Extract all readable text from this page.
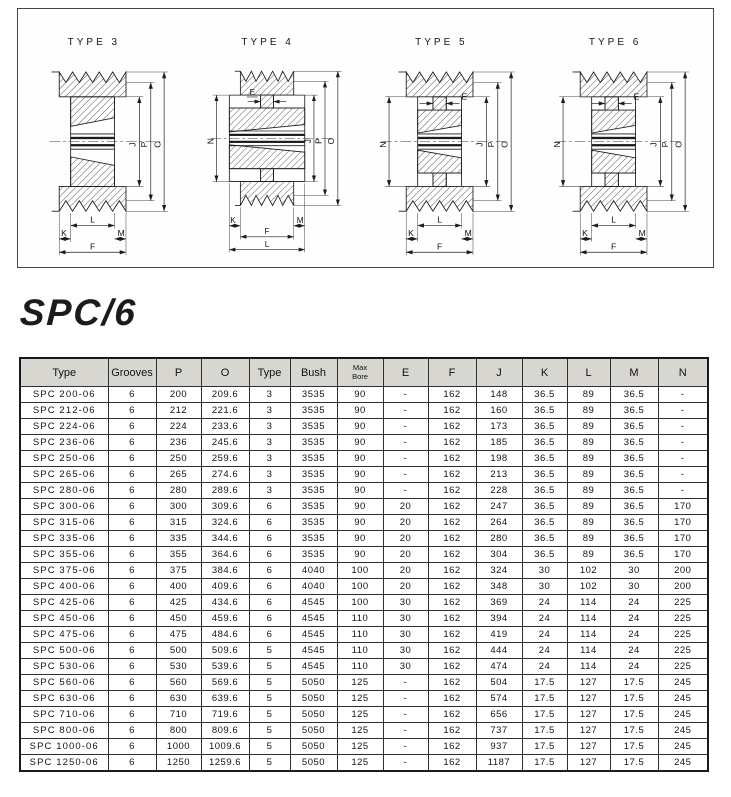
TYPE 3
J P O
L
K	M
F
TYPE 4
E
N	J P O
K	M
F
L
TYPE 5
E
N	J P O
L
K	M
F
TYPE 6
E
N	J P O
L
K	M
F
SPC/6
Type	Grooves	P	O	Type	Bush	Max
Bore	E	F	J	K	L	M	N
SPC 200-06	6	200	209.6	3	3535	90	-	162	148	36.5	89	36.5	-
SPC 212-06	6	212	221.6	3	3535	90	-	162	160	36.5	89	36.5	-
SPC 224-06	6	224	233.6	3	3535	90	-	162	173	36.5	89	36.5	-
SPC 236-06	6	236	245.6	3	3535	90	-	162	185	36.5	89	36.5	-
SPC 250-06	6	250	259.6	3	3535	90	-	162	198	36.5	89	36.5	-
SPC 265-06	6	265	274.6	3	3535	90	-	162	213	36.5	89	36.5	-
SPC 280-06	6	280	289.6	3	3535	90	-	162	228	36.5	89	36.5	-
SPC 300-06	6	300	309.6	6	3535	90	20	162	247	36.5	89	36.5	170
SPC 315-06	6	315	324.6	6	3535	90	20	162	264	36.5	89	36.5	170
SPC 335-06	6	335	344.6	6	3535	90	20	162	280	36.5	89	36.5	170
SPC 355-06	6	355	364.6	6	3535	90	20	162	304	36.5	89	36.5	170
SPC 375-06	6	375	384.6	6	4040	100	20	162	324	30	102	30	200
SPC 400-06	6	400	409.6	6	4040	100	20	162	348	30	102	30	200
SPC 425-06	6	425	434.6	6	4545	100	30	162	369	24	114	24	225
SPC 450-06	6	450	459.6	6	4545	110	30	162	394	24	114	24	225
SPC 475-06	6	475	484.6	6	4545	110	30	162	419	24	114	24	225
SPC 500-06	6	500	509.6	5	4545	110	30	162	444	24	114	24	225
SPC 530-06	6	530	539.6	5	4545	110	30	162	474	24	114	24	225
SPC 560-06	6	560	569.6	5	5050	125	-	162	504	17.5	127	17.5	245
SPC 630-06	6	630	639.6	5	5050	125	-	162	574	17.5	127	17.5	245
SPC 710-06	6	710	719.6	5	5050	125	-	162	656	17.5	127	17.5	245
SPC 800-06	6	800	809.6	5	5050	125	-	162	737	17.5	127	17.5	245
SPC 1000-06	6	1000	1009.6	5	5050	125	-	162	937	17.5	127	17.5	245
SPC 1250-06	6	1250	1259.6	5	5050	125	-	162	1187	17.5	127	17.5	245
